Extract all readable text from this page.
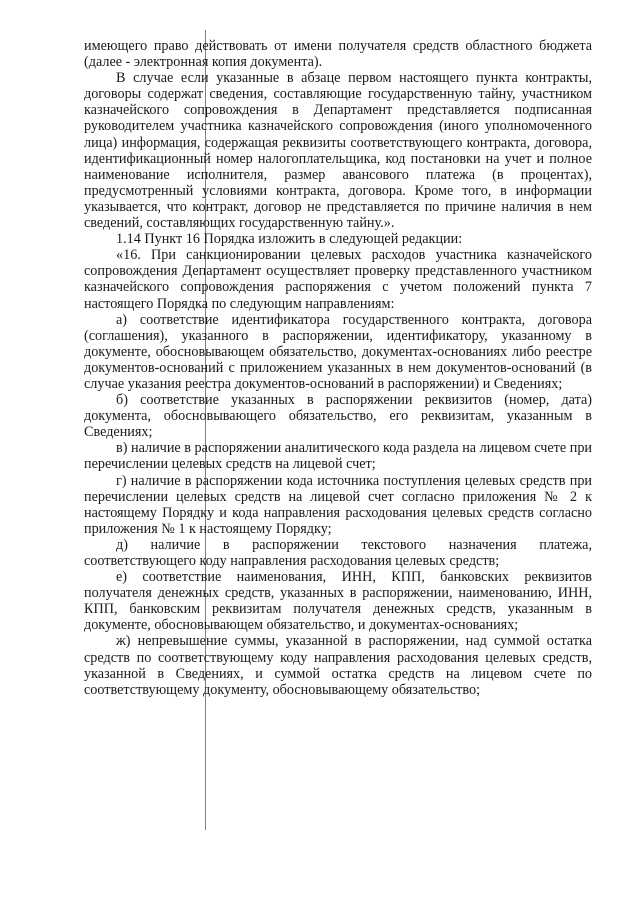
имеющего право действовать от имени получателя средств областного бюджета (далее - электронная копия документа).

В случае если указанные в абзаце первом настоящего пункта контракты, договоры содержат сведения, составляющие государственную тайну, участником казначейского сопровождения в Департамент представляется подписанная руководителем участника казначейского сопровождения (иного уполномоченного лица) информация, содержащая реквизиты соответствующего контракта, договора, идентификационный номер налогоплательщика, код постановки на учет и полное наименование исполнителя, размер авансового платежа (в процентах), предусмотренный условиями контракта, договора. Кроме того, в информации указывается, что контракт, договор не представляется по причине наличия в нем сведений, составляющих государственную тайну.».

1.14 Пункт 16 Порядка изложить в следующей редакции:

«16. При санкционировании целевых расходов участника казначейского сопровождения Департамент осуществляет проверку представленного участником казначейского сопровождения распоряжения с учетом положений пункта 7 настоящего Порядка по следующим направлениям:

а) соответствие идентификатора государственного контракта, договора (соглашения), указанного в распоряжении, идентификатору, указанному в документе, обосновывающем обязательство, документах-основаниях либо реестре документов-оснований с приложением указанных в нем документов-оснований (в случае указания реестра документов-оснований в распоряжении) и Сведениях;

б) соответствие указанных в распоряжении реквизитов (номер, дата) документа, обосновывающего обязательство, его реквизитам, указанным в Сведениях;

в) наличие в распоряжении аналитического кода раздела на лицевом счете при перечислении целевых средств на лицевой счет;

г) наличие в распоряжении кода источника поступления целевых средств при перечислении целевых средств на лицевой счет согласно приложения № 2 к настоящему Порядку и кода направления расходования целевых средств согласно приложения № 1 к настоящему Порядку;

д) наличие в распоряжении текстового назначения платежа, соответствующего коду направления расходования целевых средств;

е) соответствие наименования, ИНН, КПП, банковских реквизитов получателя денежных средств, указанных в распоряжении, наименованию, ИНН, КПП, банковским реквизитам получателя денежных средств, указанным в документе, обосновывающем обязательство, и документах-основаниях;

ж) непревышение суммы, указанной в распоряжении, над суммой остатка средств по соответствующему коду направления расходования целевых средств, указанной в Сведениях, и суммой остатка средств на лицевом счете по соответствующему документу, обосновывающему обязательство;
